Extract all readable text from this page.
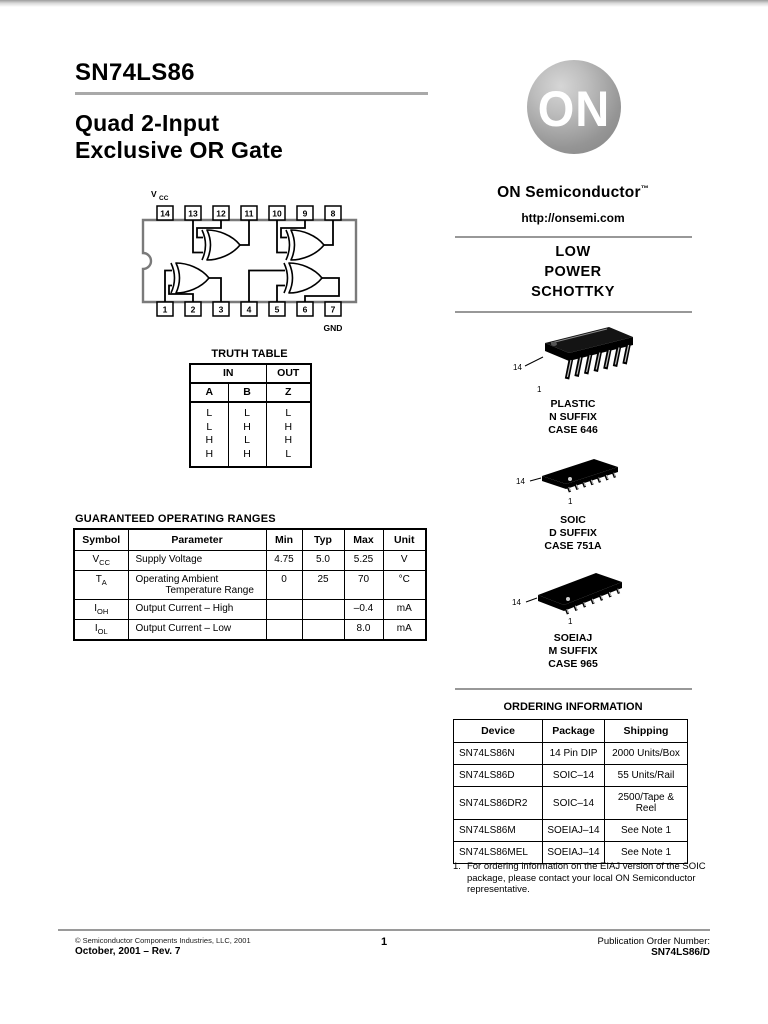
SN74LS86
Quad 2-Input
Exclusive OR Gate
V CC
14 13 12 11 10 9	8
1	2	3	4	5	6	7
GND
TRUTH TABLE
IN		OUT
A	B	Z
L	L	L
L	H	H
H	L	H
H	H	L
GUARANTEED OPERATING RANGES
Symbol	Parameter	Min	Typ	Max	Unit
$V_{CC}$	Supply Voltage	4.75	5.0	5.25	V
$T_A$	Operating Ambient
Temperature Range	0	25	70	°C
$I_{OH}$	Output Current – High			–0.4	mA
$I_{OL}$	Output Current – Low			8.0	mA
ON
ON Semiconductor™
http://onsemi.com
LOW
POWER
SCHOTTKY
14
1
PLASTIC
N SUFFIX
CASE 646
14
1
SOIC
D SUFFIX
CASE 751A
14
1
SOEIAJ
M SUFFIX
CASE 965
ORDERING INFORMATION
Device	Package	Shipping
SN74LS86N	14 Pin DIP	2000 Units/Box
SN74LS86D	SOIC–14	55 Units/Rail
SN74LS86DR2	SOIC–14	2500/Tape & Reel
SN74LS86M	SOEIAJ–14	See Note 1
SN74LS86MEL	SOEIAJ–14	See Note 1
1. For ordering information on the EIAJ version of the SOIC package, please contact your local ON Semiconductor representative.
© Semiconductor Components Industries, LLC, 2001
October, 2001 – Rev. 7
1	Publication Order Number:
SN74LS86/D
